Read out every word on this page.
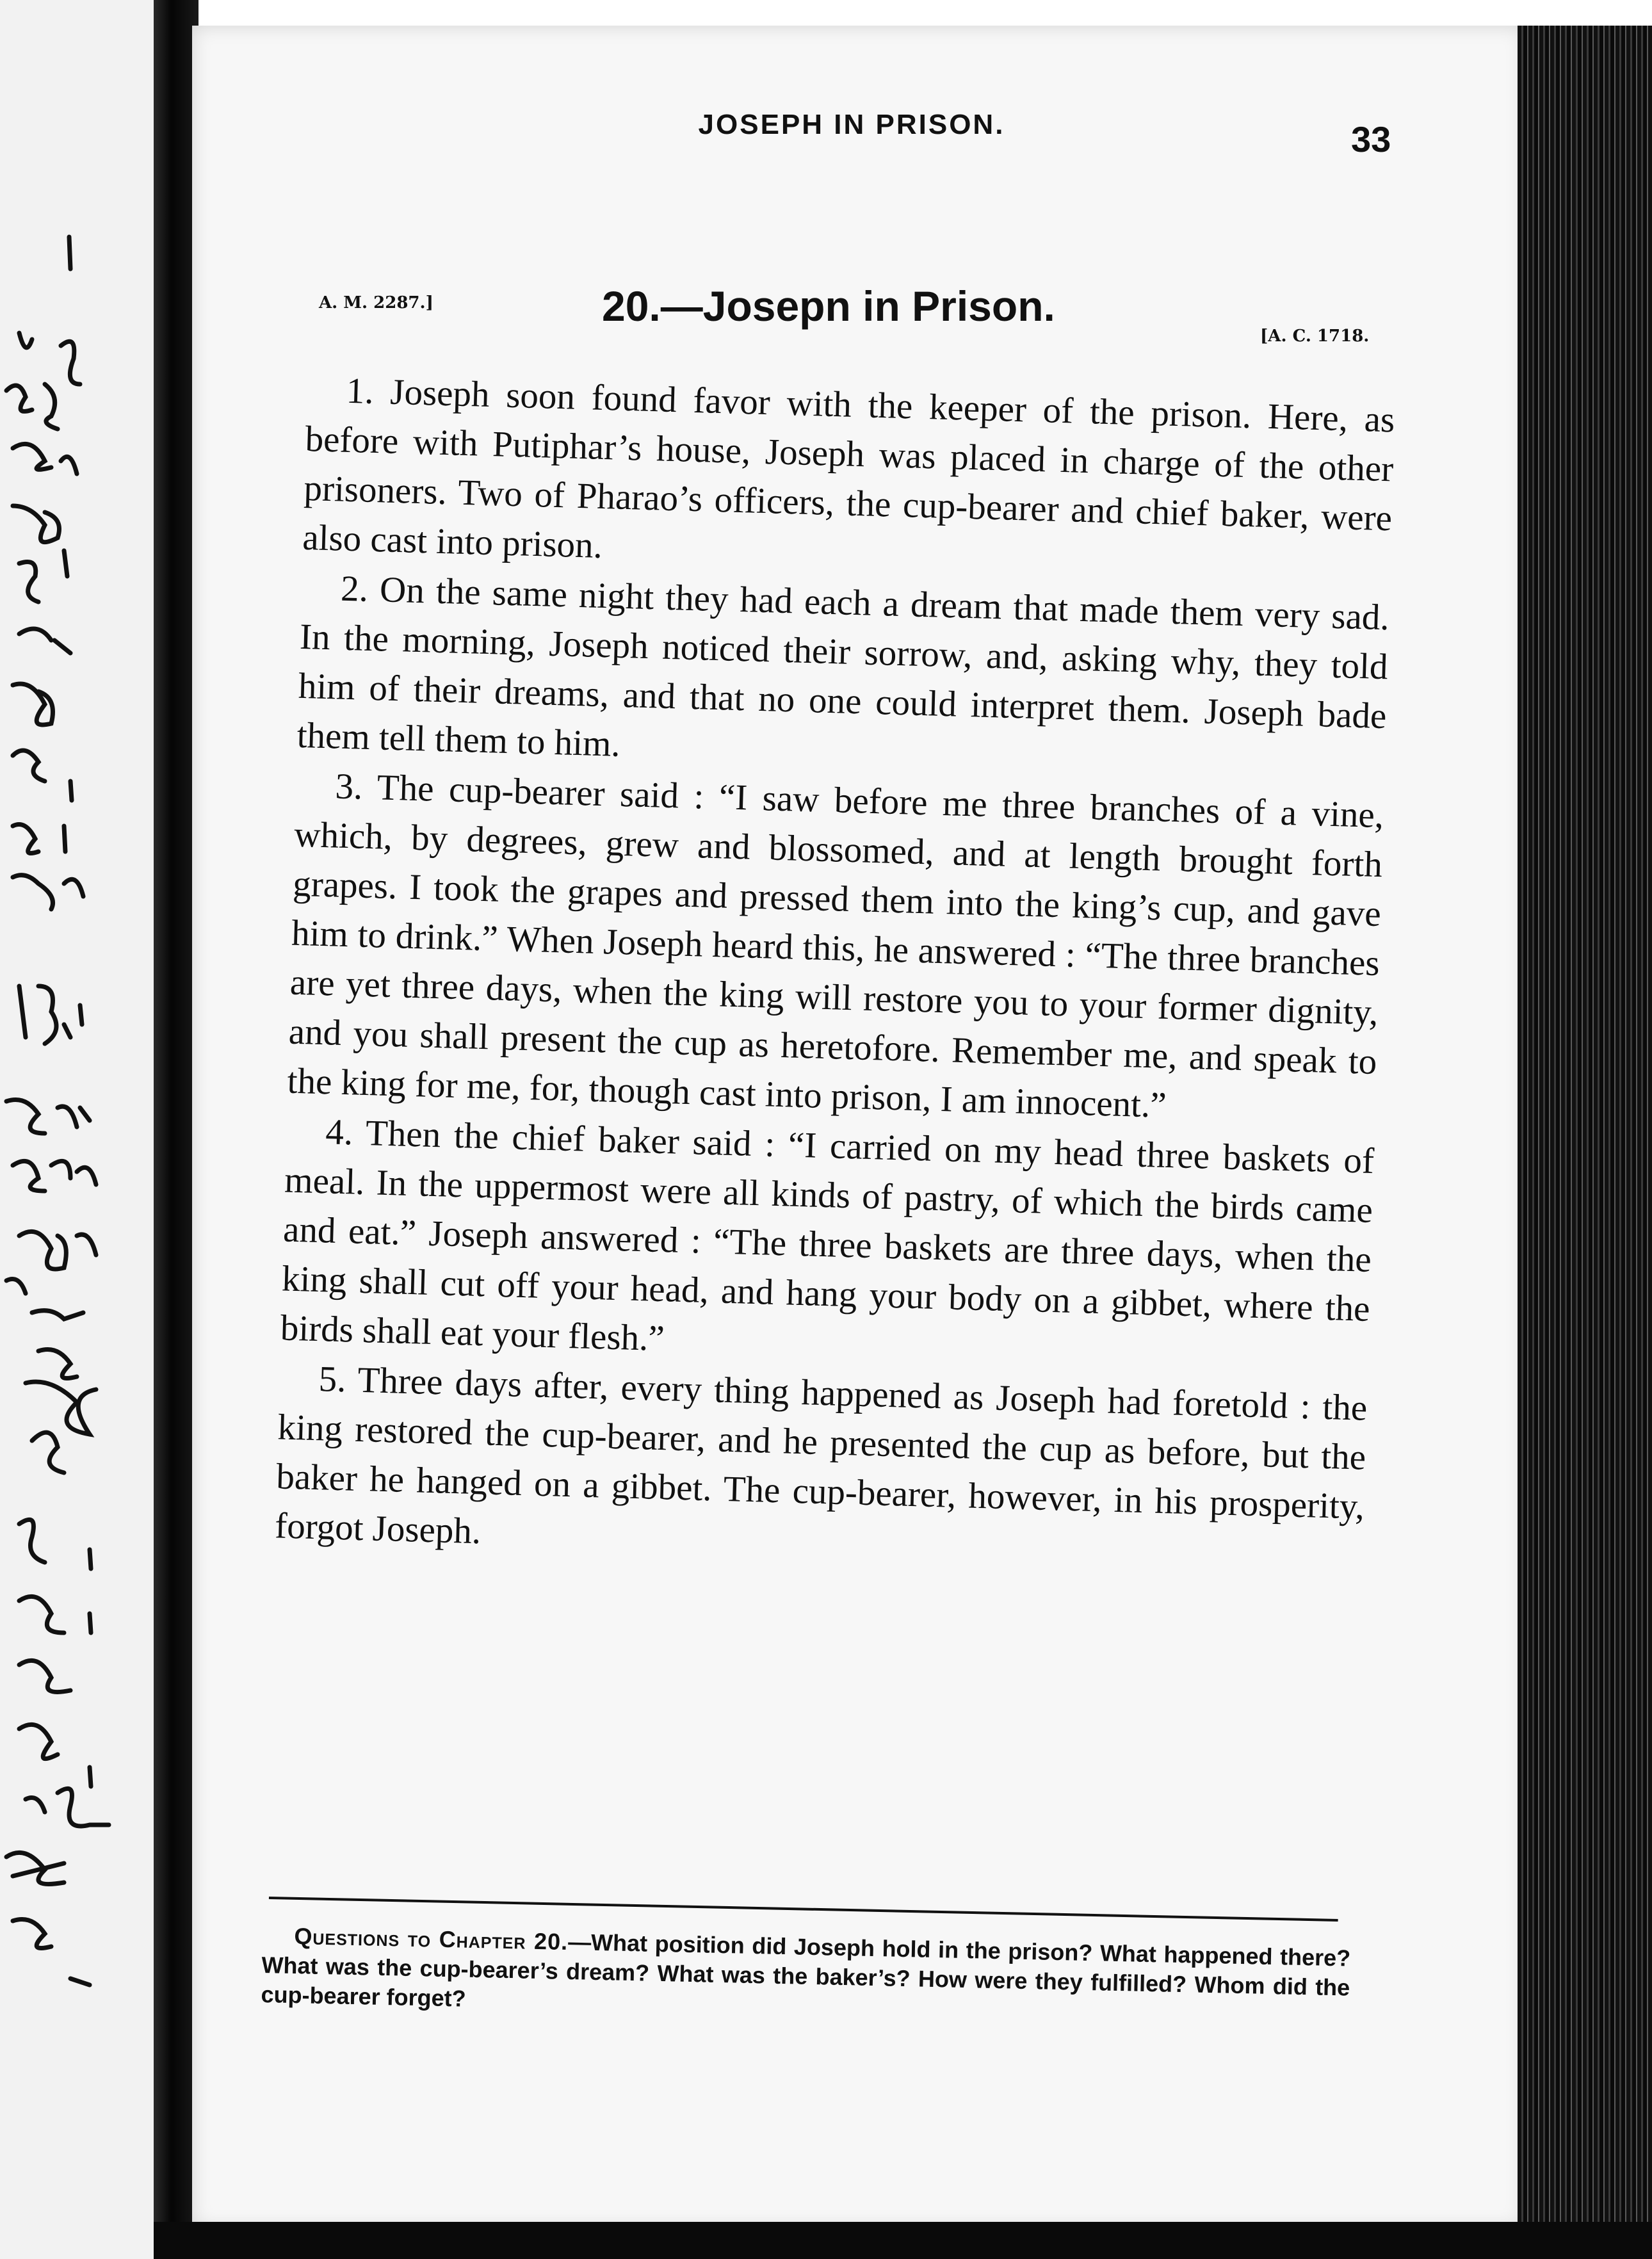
JOSEPH IN PRISON.	33
A. M. 2287.]	20.—Josepn in Prison.
[A. C. 1718.

1. Joseph soon found favor with the keeper of the prison. Here, as before with Putiphar’s house, Joseph was placed in charge of the other prisoners. Two of Pharao’s officers, the cup-bearer and chief baker, were also cast into prison.

2. On the same night they had each a dream that made them very sad. In the morning, Joseph noticed their sorrow, and, asking why, they told him of their dreams, and that no one could interpret them. Joseph bade them tell them to him.

3. The cup-bearer said : “I saw before me three branches of a vine, which, by degrees, grew and blossomed, and at length brought forth grapes. I took the grapes and pressed them into the king’s cup, and gave him to drink.” When Joseph heard this, he answered : “The three branches are yet three days, when the king will restore you to your former dignity, and you shall present the cup as heretofore. Remember me, and speak to the king for me, for, though cast into prison, I am innocent.”

4. Then the chief baker said : “I carried on my head three baskets of meal. In the uppermost were all kinds of pastry, of which the birds came and eat.” Joseph answered : “The three baskets are three days, when the king shall cut off your head, and hang your body on a gibbet, where the birds shall eat your flesh.”

5. Three days after, every thing happened as Joseph had foretold : the king restored the cup-bearer, and he presented the cup as before, but the baker he hanged on a gibbet. The cup-bearer, however, in his prosperity, forgot Joseph.

Questions to Chapter 20.—What position did Joseph hold in the prison? What happened there? What was the cup-bearer’s dream? What was the baker’s? How were they fulfilled? Whom did the cup-bearer forget?
